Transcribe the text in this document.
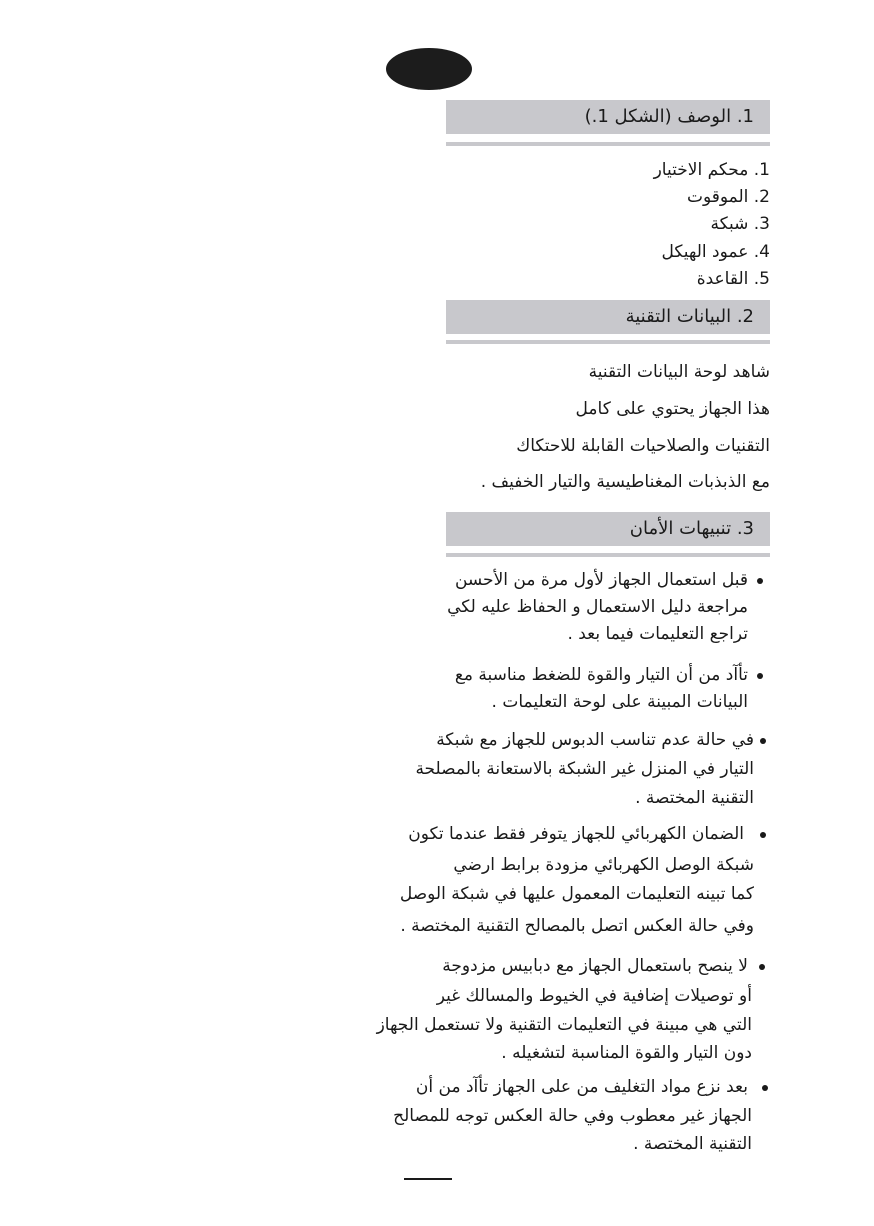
1. الوصف (الشكل 1.)
1. محكم الاختيار
2. الموقوت
3. شبكة
4. عمود الهيكل
5. القاعدة
2. البيانات التقنية
شاهد لوحة البيانات التقنية
هذا الجهاز يحتوي على كامل
التقنيات والصلاحيات القابلة للاحتكاك
مع الذبذبات المغناطيسية والتيار الخفيف .
3. تنبيهات الأمان
قبل استعمال الجهاز لأول مرة من الأحسن
مراجعة دليل الاستعمال و الحفاظ عليه لكي
تراجع التعليمات فيما بعد .
تأآد من أن التيار والقوة للضغط مناسبة مع
البيانات المبينة على لوحة التعليمات .
في حالة عدم تناسب الدبوس للجهاز مع شبكة
التيار في المنزل غير الشبكة بالاستعانة بالمصلحة
التقنية المختصة .
الضمان الكهربائي للجهاز يتوفر فقط عندما تكون
شبكة الوصل الكهربائي مزودة برابط ارضي
كما تبينه التعليمات المعمول عليها في شبكة الوصل
وفي حالة العكس اتصل بالمصالح التقنية المختصة .
لا ينصح باستعمال الجهاز مع دبابيس مزدوجة
أو توصيلات إضافية في الخيوط والمسالك غير
التي هي مبينة في التعليمات التقنية ولا تستعمل الجهاز
دون التيار والقوة المناسبة لتشغيله .
بعد نزع مواد التغليف من على الجهاز تأآد من أن
الجهاز غير معطوب وفي حالة العكس توجه للمصالح
التقنية المختصة .
